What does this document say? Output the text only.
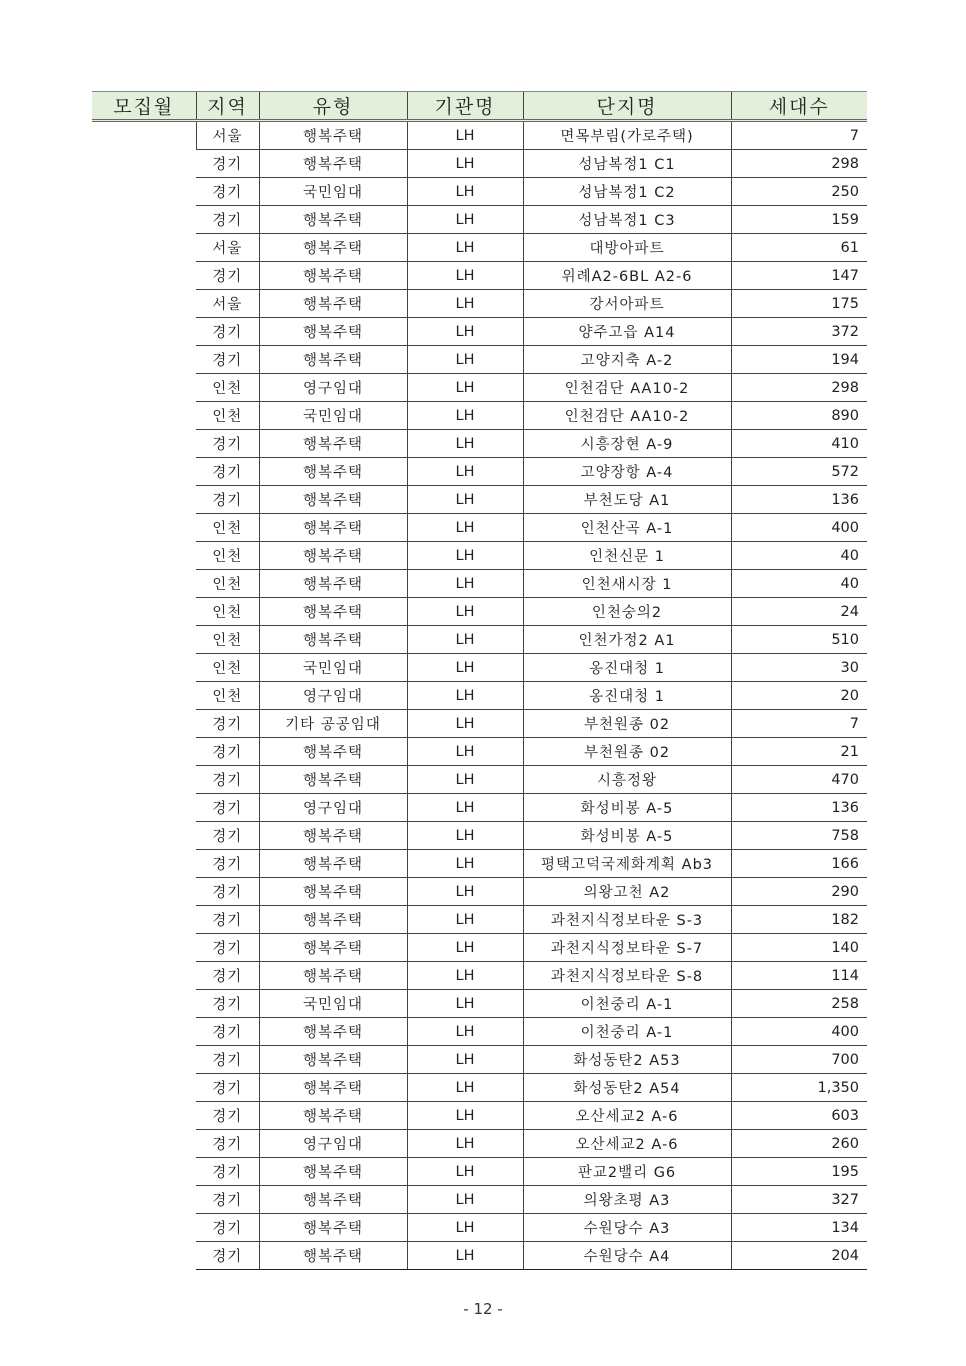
모집월	지역	유형	기관명	단지명	세대수
	서울	행복주택	LH	면목부림(가로주택)	7
	경기	행복주택	LH	성남복정1 C1	298
	경기	국민임대	LH	성남복정1 C2	250
	경기	행복주택	LH	성남복정1 C3	159
	서울	행복주택	LH	대방아파트	61
	경기	행복주택	LH	위례A2-6BL A2-6	147
	서울	행복주택	LH	강서아파트	175
	경기	행복주택	LH	양주고읍 A14	372
	경기	행복주택	LH	고양지축 A-2	194
	인천	영구임대	LH	인천검단 AA10-2	298
	인천	국민임대	LH	인천검단 AA10-2	890
	경기	행복주택	LH	시흥장현 A-9	410
	경기	행복주택	LH	고양장항 A-4	572
	경기	행복주택	LH	부천도당 A1	136
	인천	행복주택	LH	인천산곡 A-1	400
	인천	행복주택	LH	인천신문 1	40
	인천	행복주택	LH	인천새시장 1	40
	인천	행복주택	LH	인천숭의2	24
	인천	행복주택	LH	인천가정2 A1	510
	인천	국민임대	LH	옹진대청 1	30
	인천	영구임대	LH	옹진대청 1	20
	경기	기타 공공임대	LH	부천원종 02	7
	경기	행복주택	LH	부천원종 02	21
	경기	행복주택	LH	시흥정왕	470
	경기	영구임대	LH	화성비봉 A-5	136
	경기	행복주택	LH	화성비봉 A-5	758
	경기	행복주택	LH	평택고덕국제화계획 Ab3	166
	경기	행복주택	LH	의왕고천 A2	290
	경기	행복주택	LH	과천지식정보타운 S-3	182
	경기	행복주택	LH	과천지식정보타운 S-7	140
	경기	행복주택	LH	과천지식정보타운 S-8	114
	경기	국민임대	LH	이천중리 A-1	258
	경기	행복주택	LH	이천중리 A-1	400
	경기	행복주택	LH	화성동탄2 A53	700
	경기	행복주택	LH	화성동탄2 A54	1,350
	경기	행복주택	LH	오산세교2 A-6	603
	경기	영구임대	LH	오산세교2 A-6	260
	경기	행복주택	LH	판교2밸리 G6	195
	경기	행복주택	LH	의왕초평 A3	327
	경기	행복주택	LH	수원당수 A3	134
	경기	행복주택	LH	수원당수 A4	204
- 12 -
